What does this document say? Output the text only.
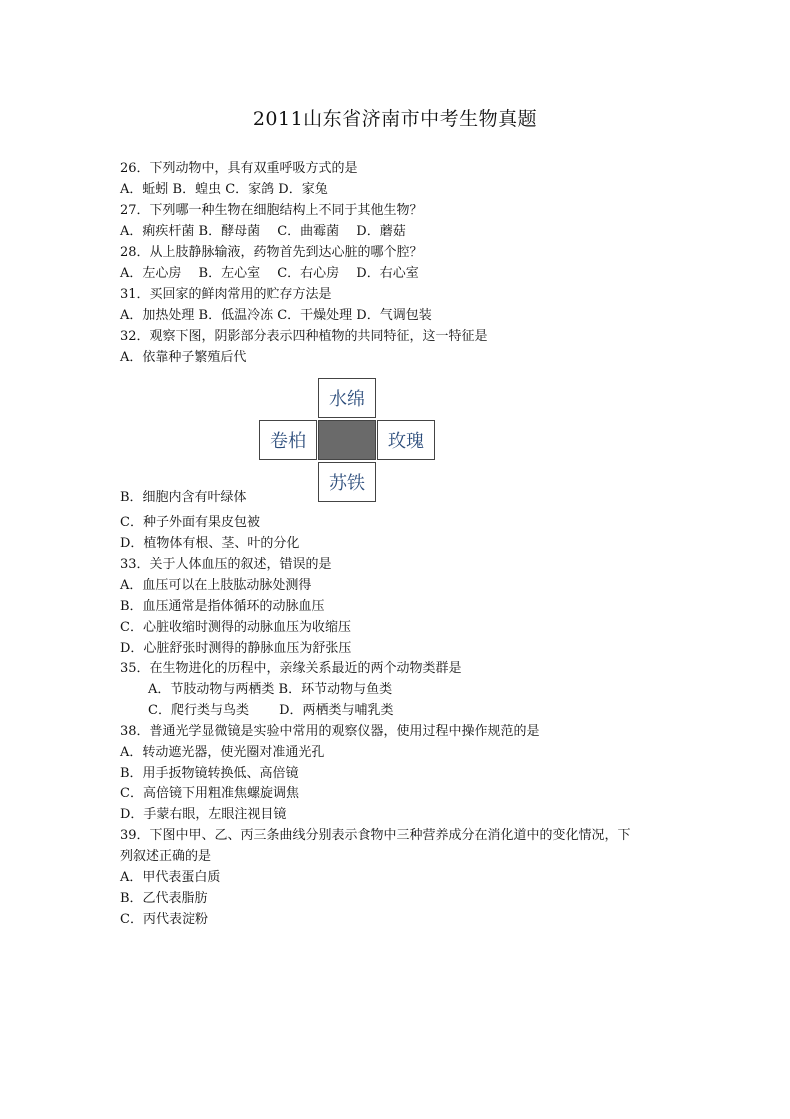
2011山东省济南市中考生物真题
26．下列动物中，具有双重呼吸方式的是
A．蚯蚓 B．蝗虫 C．家鸽 D．家兔
27．下列哪一种生物在细胞结构上不同于其他生物？
A．痢疾杆菌 B．酵母菌　 C．曲霉菌　 D．蘑菇
28．从上肢静脉输液，药物首先到达心脏的哪个腔？
A．左心房　 B．左心室　 C．右心房　 D．右心室
31．买回家的鲜肉常用的贮存方法是
A．加热处理 B．低温冷冻 C．干燥处理 D．气调包装
32．观察下图，阴影部分表示四种植物的共同特征，这一特征是
A．依靠种子繁殖后代
水绵
卷柏	玫瑰
苏铁
B．细胞内含有叶绿体
C．种子外面有果皮包被
D．植物体有根、茎、叶的分化
33．关于人体血压的叙述，错误的是
A．血压可以在上肢肱动脉处测得
B．血压通常是指体循环的动脉血压
C．心脏收缩时测得的动脉血压为收缩压
D．心脏舒张时测得的静脉血压为舒张压
35．在生物进化的历程中，亲缘关系最近的两个动物类群是
A．节肢动物与两栖类 B．环节动物与鱼类
C．爬行类与鸟类　　 D．两栖类与哺乳类
38．普通光学显微镜是实验中常用的观察仪器，使用过程中操作规范的是
A．转动遮光器，使光圈对准通光孔
B．用手扳物镜转换低、高倍镜
C．高倍镜下用粗准焦螺旋调焦
D．手蒙右眼，左眼注视目镜
39．下图中甲、乙、丙三条曲线分别表示食物中三种营养成分在消化道中的变化情况，下
列叙述正确的是
A．甲代表蛋白质
B．乙代表脂肪
C．丙代表淀粉
